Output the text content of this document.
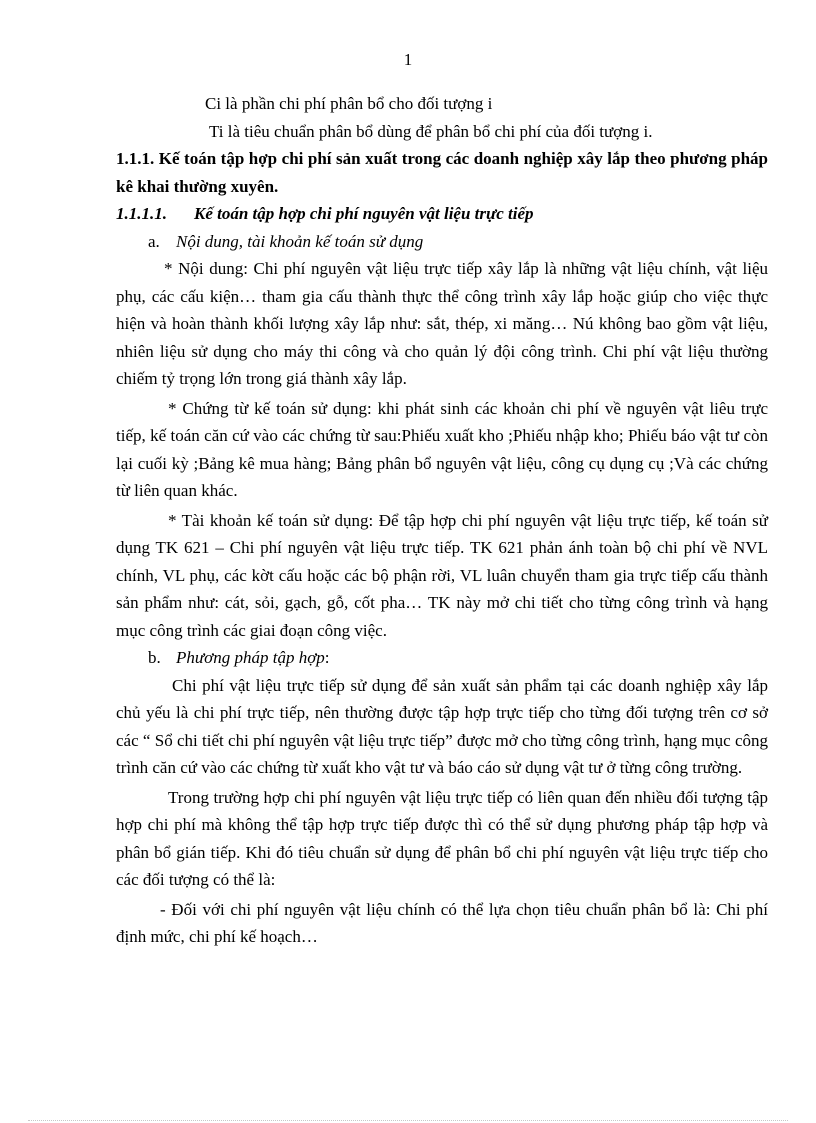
1

Ci là phần chi phí phân bổ cho đối tượng i

Ti là tiêu chuẩn phân bổ dùng để phân bổ chi phí của đối tượng i.

1.1.1. Kế toán tập hợp chi phí sản xuất trong các doanh nghiệp xây lắp theo phương pháp kê khai thường xuyên.

1.1.1.1. Kế toán tập hợp chi phí nguyên vật liệu trực tiếp

a. Nội dung, tài khoản kế toán sử dụng

* Nội dung: Chi phí nguyên vật liệu trực tiếp xây lắp là những vật liệu chính, vật liệu phụ, các cấu kiện… tham gia cấu thành thực thể công trình xây lắp hoặc giúp cho việc thực hiện và hoàn thành khối lượng xây lắp như: sắt, thép, xi măng… Nú không bao gồm vật liệu, nhiên liệu sử dụng cho máy thi công và cho quản lý đội công trình. Chi phí vật liệu thường chiếm tỷ trọng lớn trong giá thành xây lắp.

* Chứng từ kế toán sử dụng: khi phát sinh các khoản chi phí về nguyên vật liêu trực tiếp, kế toán căn cứ vào các chứng từ sau:Phiếu xuất kho ;Phiếu nhập kho; Phiếu báo vật tư còn lại cuối kỳ ;Bảng kê mua hàng; Bảng phân bổ nguyên vật liệu, công cụ dụng cụ ;Và các chứng từ liên quan khác.

* Tài khoản kế toán sử dụng: Để tập hợp chi phí nguyên vật liệu trực tiếp, kế toán sử dụng TK 621 – Chi phí nguyên vật liệu trực tiếp. TK 621 phản ánh toàn bộ chi phí về NVL chính, VL phụ, các kờt cấu hoặc các bộ phận rời, VL luân chuyển tham gia trực tiếp cấu thành sản phẩm như: cát, sỏi, gạch, gỗ, cốt pha… TK này mở chi tiết cho từng công trình và hạng mục công trình các giai đoạn công việc.

b. Phương pháp tập hợp:

Chi phí vật liệu trực tiếp sử dụng để sản xuất sản phẩm tại các doanh nghiệp xây lắp chủ yếu là chi phí trực tiếp, nên thường được tập hợp trực tiếp cho từng đối tượng trên cơ sở các “ Sổ chi tiết chi phí nguyên vật liệu trực tiếp” được mở cho từng công trình, hạng mục công trình căn cứ vào các chứng từ xuất kho vật tư và báo cáo sử dụng vật tư ở từng công trường.

Trong trường hợp chi phí nguyên vật liệu trực tiếp có liên quan đến nhiều đối tượng tập hợp chi phí mà không thể tập hợp trực tiếp được thì có thể sử dụng phương pháp tập hợp và phân bổ gián tiếp. Khi đó tiêu chuẩn sử dụng để phân bổ chi phí nguyên vật liệu trực tiếp cho các đối tượng có thể là:

- Đối với chi phí nguyên vật liệu chính có thể lựa chọn tiêu chuẩn phân bổ là: Chi phí định mức, chi phí kế hoạch…
